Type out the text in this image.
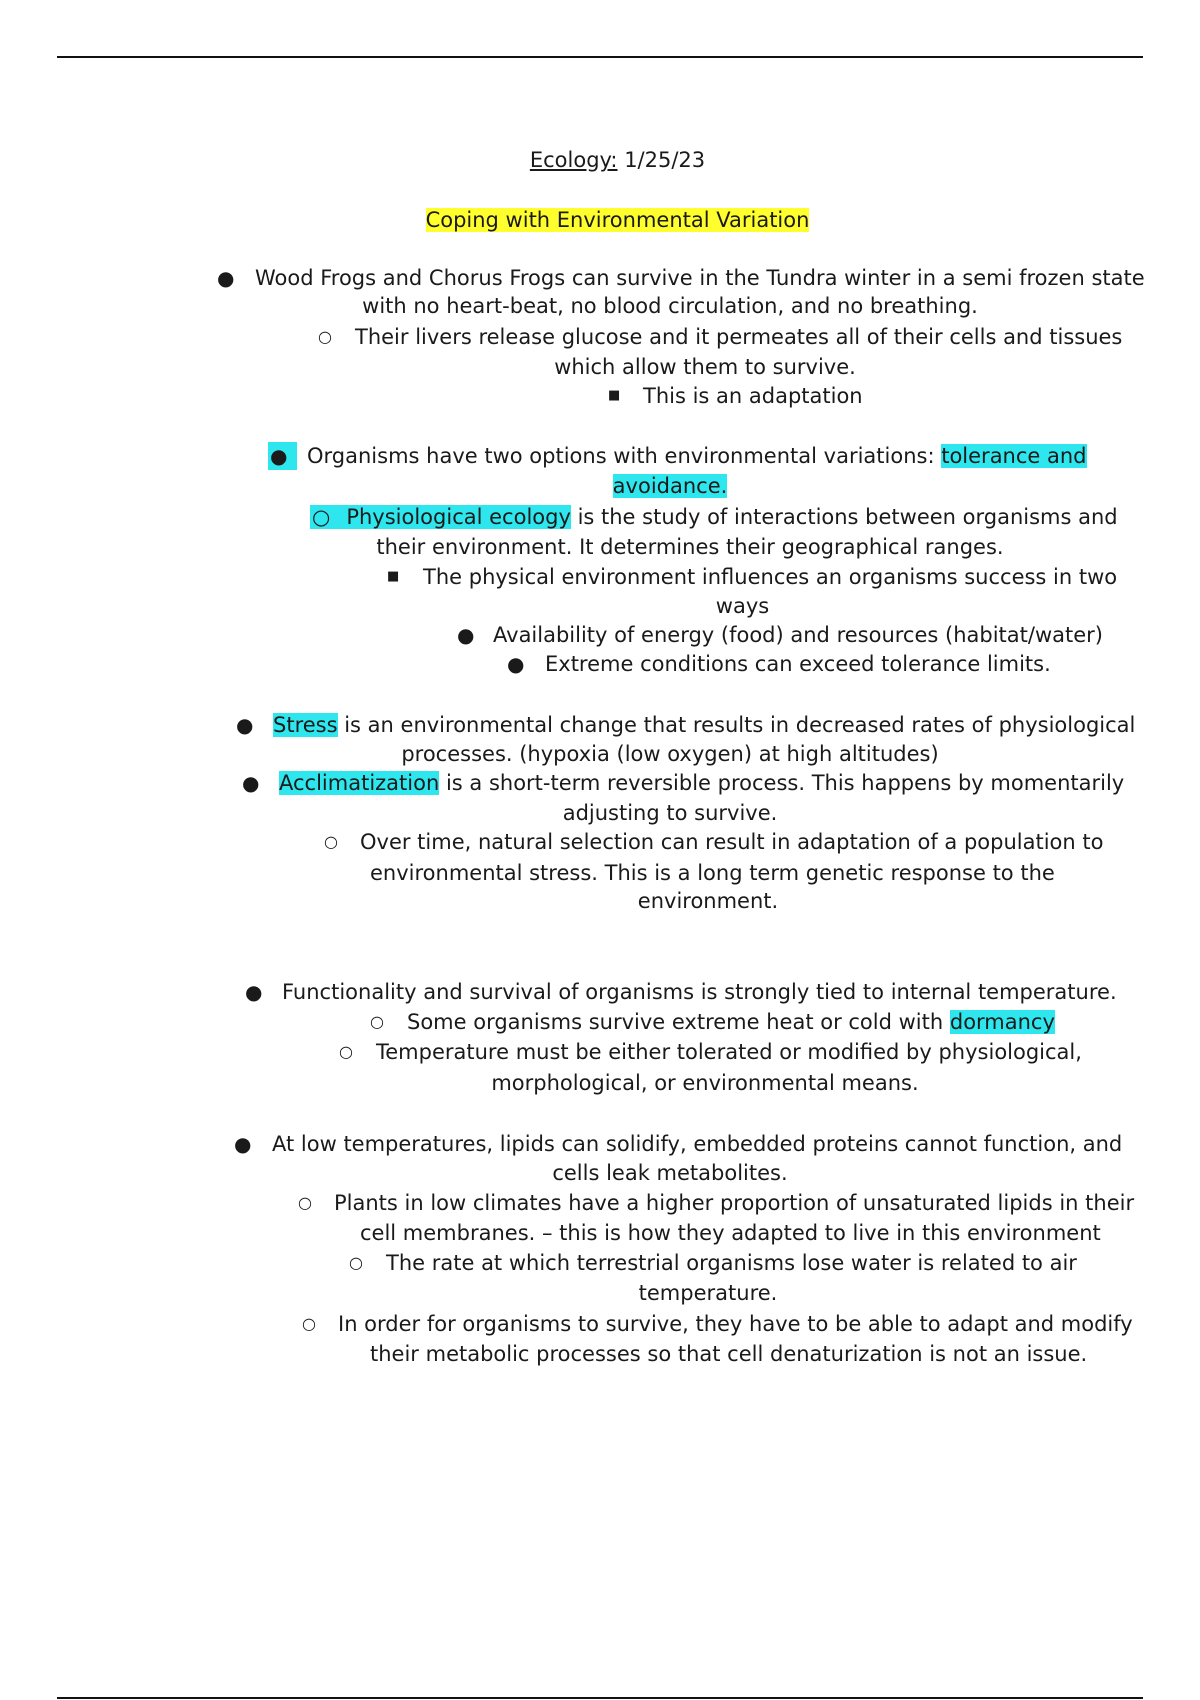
Ecology: 1/25/23
Coping with Environmental Variation
● Wood Frogs and Chorus Frogs can survive in the Tundra winter in a semi frozen state
with no heart-beat, no blood circulation, and no breathing.
○ Their livers release glucose and it permeates all of their cells and tissues
which allow them to survive.
■ This is an adaptation
● Organisms have two options with environmental variations: tolerance and
avoidance.
○ Physiological ecology is the study of interactions between organisms and
their environment. It determines their geographical ranges.
■ The physical environment influences an organisms success in two
ways
● Availability of energy (food) and resources (habitat/water)
● Extreme conditions can exceed tolerance limits.
● Stress is an environmental change that results in decreased rates of physiological
processes. (hypoxia (low oxygen) at high altitudes)
● Acclimatization is a short-term reversible process. This happens by momentarily
adjusting to survive.
○ Over time, natural selection can result in adaptation of a population to
environmental stress. This is a long term genetic response to the
environment.
● Functionality and survival of organisms is strongly tied to internal temperature.
○ Some organisms survive extreme heat or cold with dormancy
○ Temperature must be either tolerated or modified by physiological,
morphological, or environmental means.
● At low temperatures, lipids can solidify, embedded proteins cannot function, and
cells leak metabolites.
○ Plants in low climates have a higher proportion of unsaturated lipids in their
cell membranes. – this is how they adapted to live in this environment
○ The rate at which terrestrial organisms lose water is related to air
temperature.
○ In order for organisms to survive, they have to be able to adapt and modify
their metabolic processes so that cell denaturization is not an issue.
